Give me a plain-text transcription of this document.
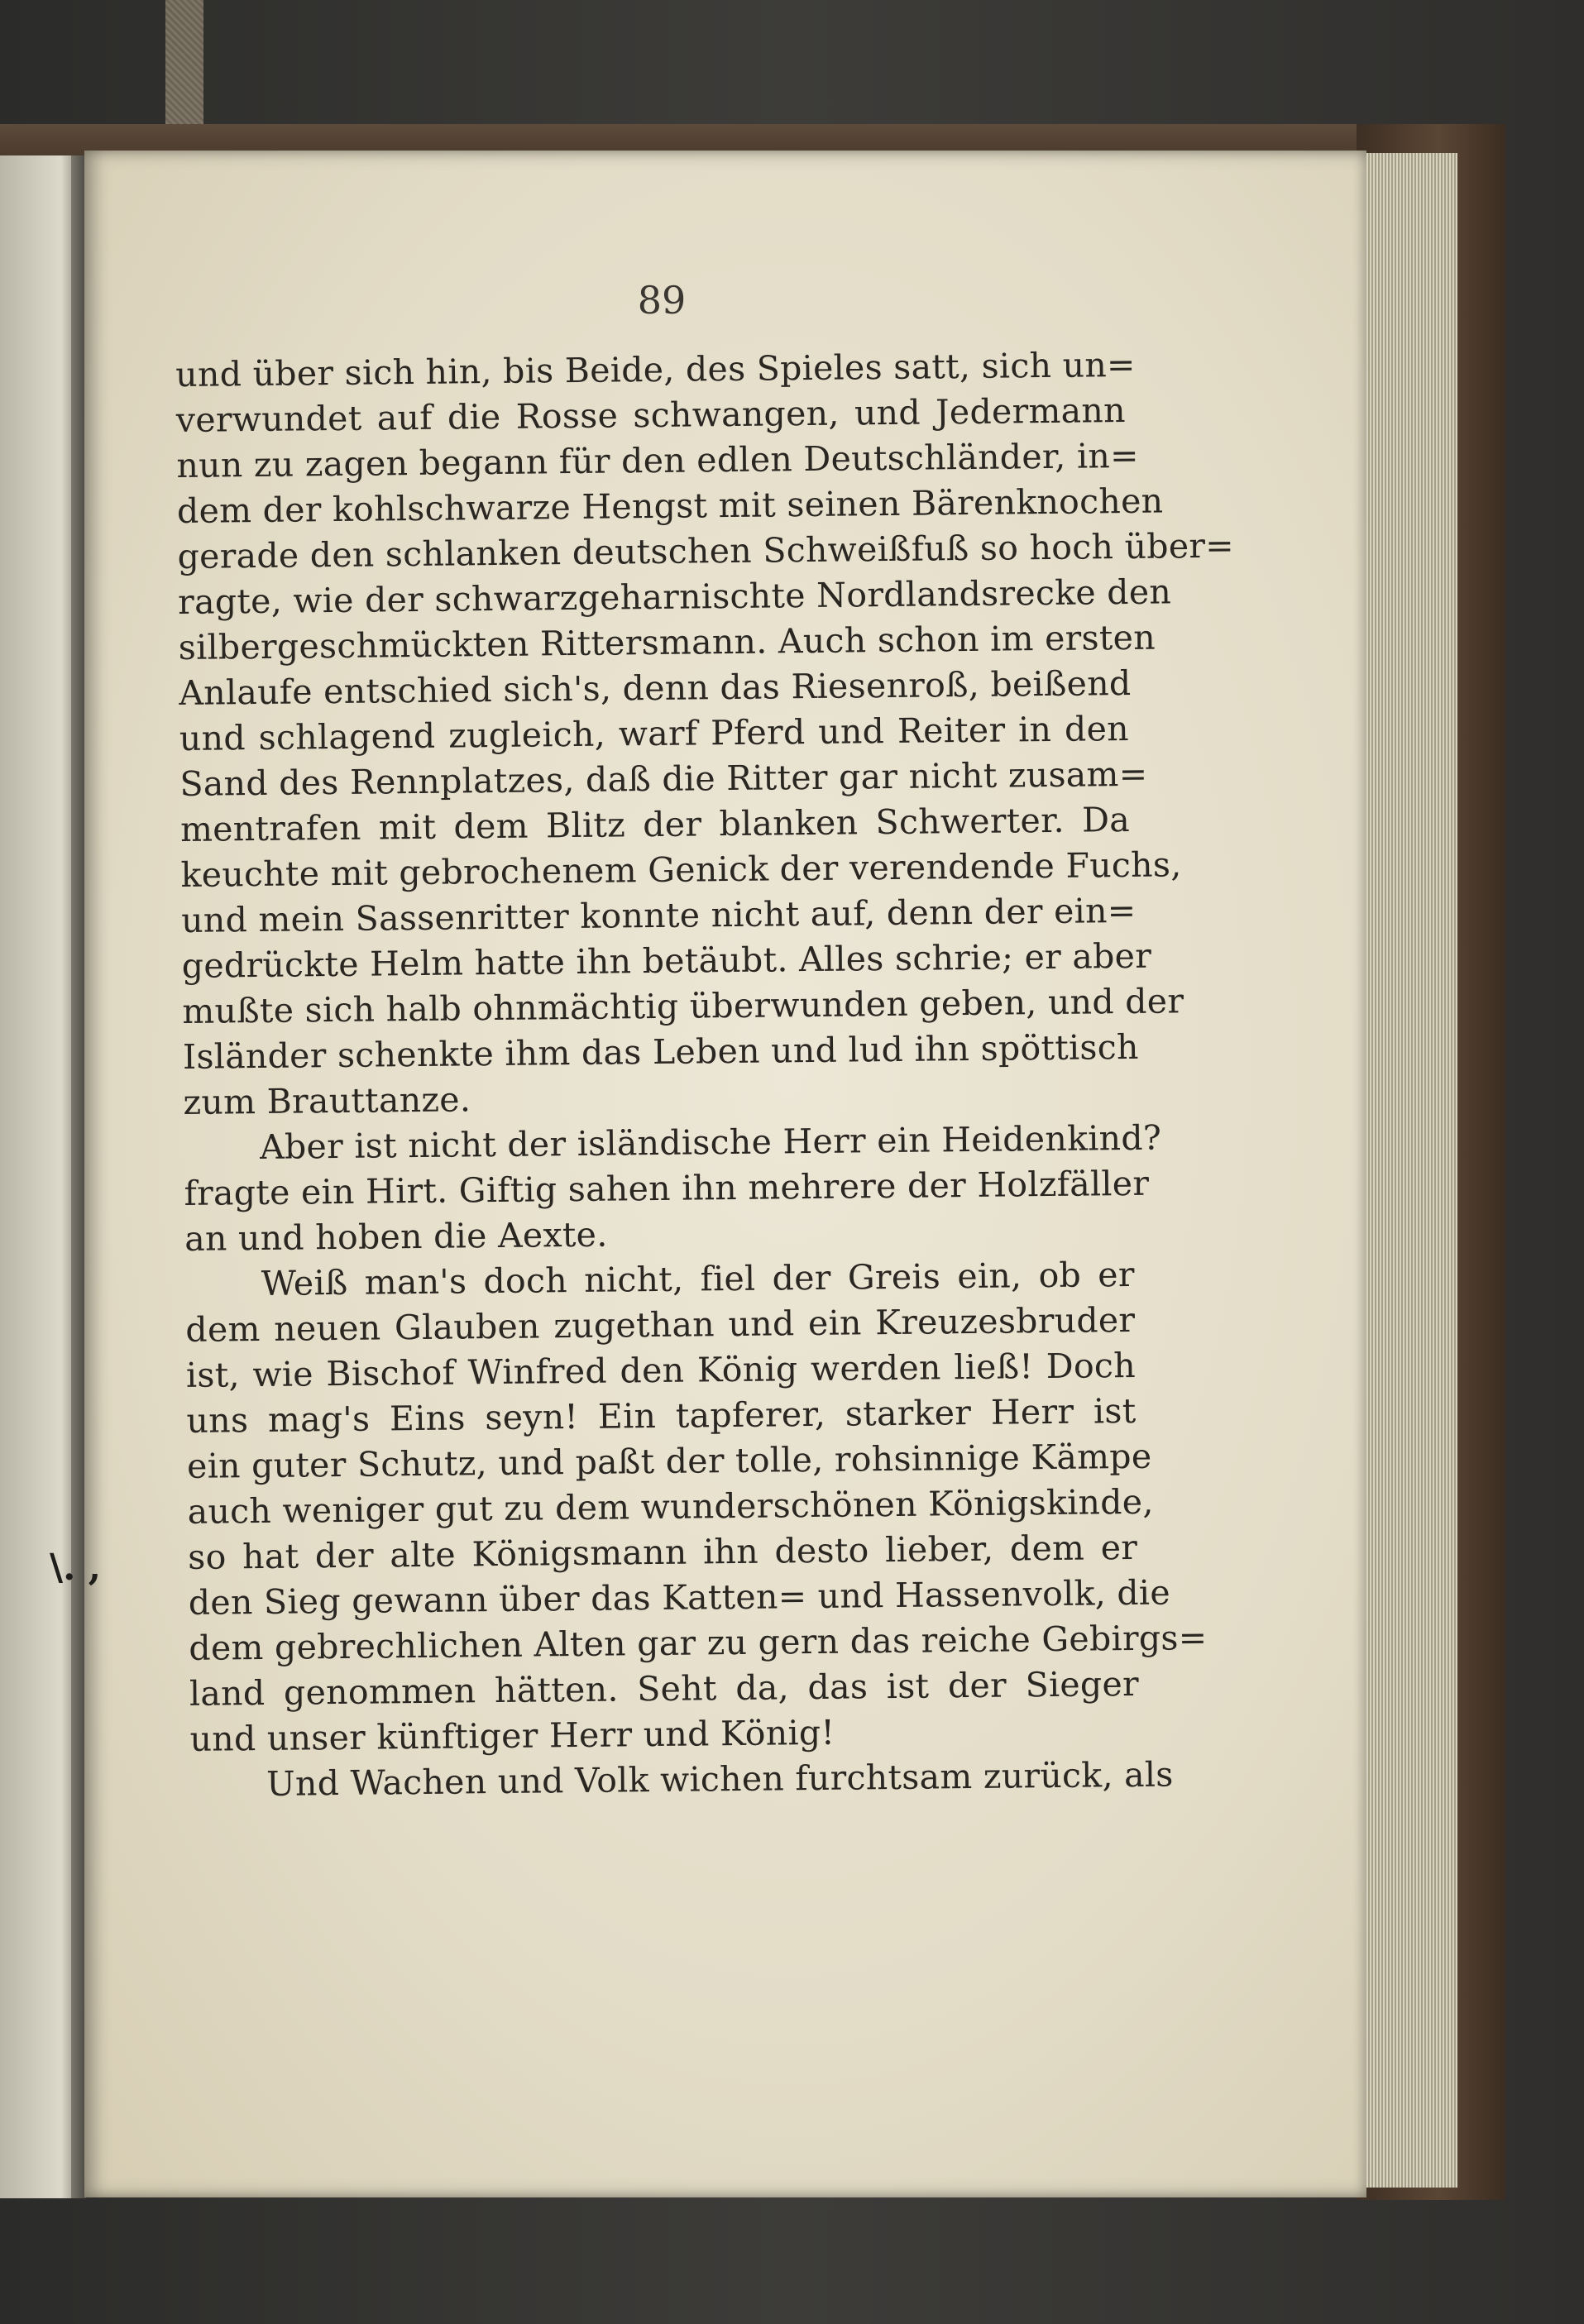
89
\. ,
und über sich hin, bis Beide, des Spieles satt, sich un=
verwundet auf die Rosse schwangen, und Jedermann
nun zu zagen begann für den edlen Deutschländer, in=
dem der kohlschwarze Hengst mit seinen Bärenknochen
gerade den schlanken deutschen Schweißfuß so hoch über=
ragte, wie der schwarzgeharnischte Nordlandsrecke den
silbergeschmückten Rittersmann. Auch schon im ersten
Anlaufe entschied sich's, denn das Riesenroß, beißend
und schlagend zugleich, warf Pferd und Reiter in den
Sand des Rennplatzes, daß die Ritter gar nicht zusam=
mentrafen mit dem Blitz der blanken Schwerter. Da
keuchte mit gebrochenem Genick der verendende Fuchs,
und mein Sassenritter konnte nicht auf, denn der ein=
gedrückte Helm hatte ihn betäubt. Alles schrie; er aber
mußte sich halb ohnmächtig überwunden geben, und der
Isländer schenkte ihm das Leben und lud ihn spöttisch
zum Brauttanze.
Aber ist nicht der isländische Herr ein Heidenkind?
fragte ein Hirt. Giftig sahen ihn mehrere der Holzfäller
an und hoben die Aexte.
Weiß man's doch nicht, fiel der Greis ein, ob er
dem neuen Glauben zugethan und ein Kreuzesbruder
ist, wie Bischof Winfred den König werden ließ! Doch
uns mag's Eins seyn! Ein tapferer, starker Herr ist
ein guter Schutz, und paßt der tolle, rohsinnige Kämpe
auch weniger gut zu dem wunderschönen Königskinde,
so hat der alte Königsmann ihn desto lieber, dem er
den Sieg gewann über das Katten= und Hassenvolk, die
dem gebrechlichen Alten gar zu gern das reiche Gebirgs=
land genommen hätten. Seht da, das ist der Sieger
und unser künftiger Herr und König!
Und Wachen und Volk wichen furchtsam zurück, als
